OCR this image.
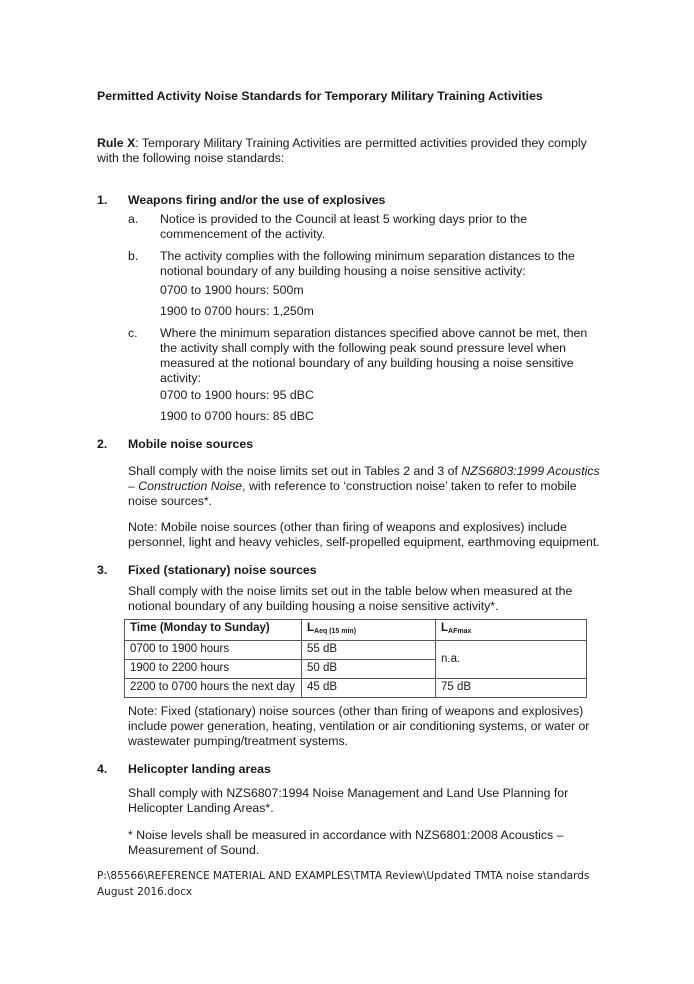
Permitted Activity Noise Standards for Temporary Military Training Activities
Rule X: Temporary Military Training Activities are permitted activities provided they comply with the following noise standards:
1. Weapons firing and/or the use of explosives
a. Notice is provided to the Council at least 5 working days prior to the commencement of the activity.
b. The activity complies with the following minimum separation distances to the notional boundary of any building housing a noise sensitive activity:
0700 to 1900 hours: 500m
1900 to 0700 hours: 1,250m
c. Where the minimum separation distances specified above cannot be met, then the activity shall comply with the following peak sound pressure level when measured at the notional boundary of any building housing a noise sensitive activity:
0700 to 1900 hours: 95 dBC
1900 to 0700 hours: 85 dBC
2. Mobile noise sources
Shall comply with the noise limits set out in Tables 2 and 3 of NZS6803:1999 Acoustics – Construction Noise, with reference to ‘construction noise’ taken to refer to mobile noise sources*.
Note: Mobile noise sources (other than firing of weapons and explosives) include personnel, light and heavy vehicles, self-propelled equipment, earthmoving equipment.
3. Fixed (stationary) noise sources
Shall comply with the noise limits set out in the table below when measured at the notional boundary of any building housing a noise sensitive activity*.
Time (Monday to Sunday)	$L_{Aeq (15 min)}$	$L_{AFmax}$
0700 to 1900 hours	55 dB	n.a.
1900 to 2200 hours	50 dB	
2200 to 0700 hours the next day	45 dB	75 dB
Note: Fixed (stationary) noise sources (other than firing of weapons and explosives) include power generation, heating, ventilation or air conditioning systems, or water or wastewater pumping/treatment systems.
4. Helicopter landing areas
Shall comply with NZS6807:1994 Noise Management and Land Use Planning for Helicopter Landing Areas*.
* Noise levels shall be measured in accordance with NZS6801:2008 Acoustics – Measurement of Sound.
P:\85566\REFERENCE MATERIAL AND EXAMPLES\TMTA Review\Updated TMTA noise standards August 2016.docx
